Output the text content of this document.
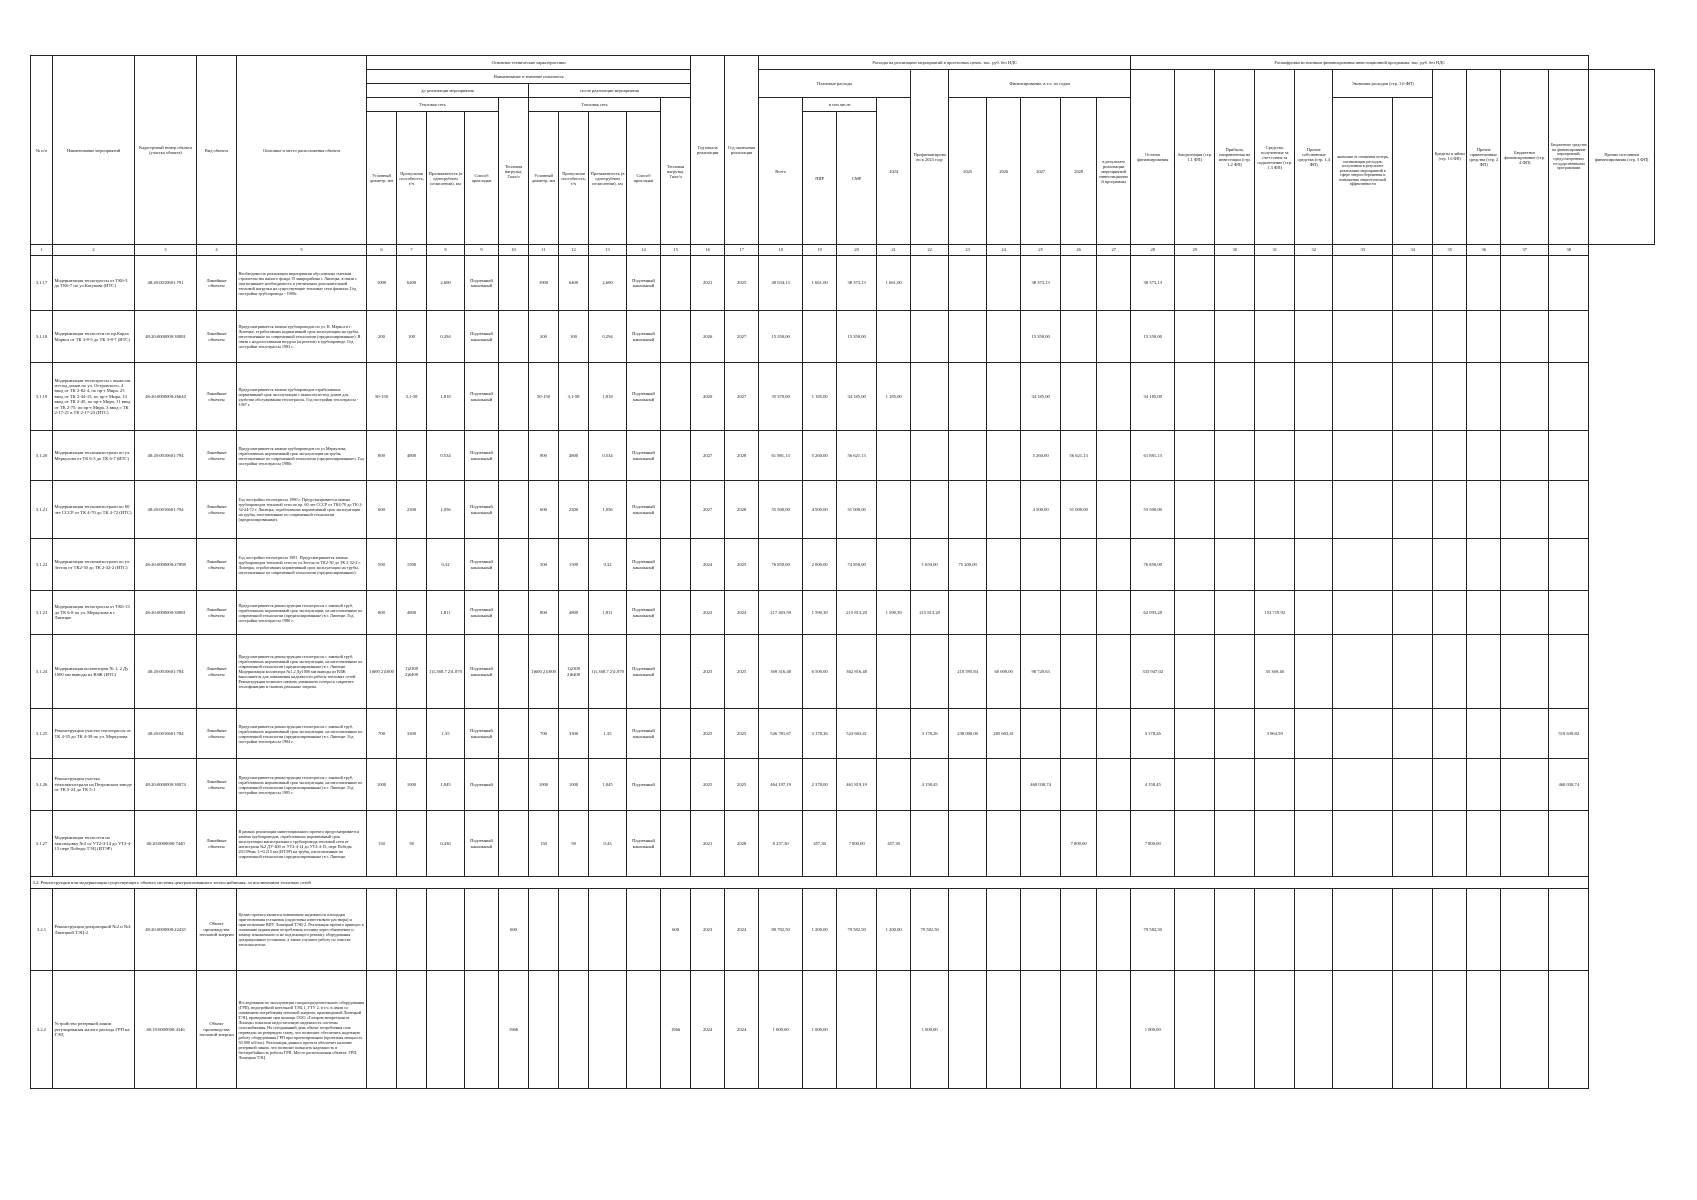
№ п/п	Наименование мероприятий	Кадастровый номер объекта (участка объекта)	Вид объекта	Описание и место расположения объекта	Основные технические характеристики										Год начала реализации	Год окончания реализации	Расходы на реализацию мероприятий в прогнозных ценах, тыс. руб. без НДС										Расшифровка источников финансирования инвестиционной программы, тыс. руб. без НДС											
					Наименование и значение показателя												Плановые расходы				Профинансировано к 2023 году	Финансирование, в т.ч. по годам					Остаток финансирования	Амортизация (стр. 1.1 ФП)	Прибыль, направленная на инвестиции (стр. 1.2 ФП)	Средства, полученные за счет платы за подключение (стр. 1.3 ФП)	Прочие собственные средства (стр. 1.4 ФП)	Экономия расходов (стр. 1.6 ФП)		Кредиты и займы (стр. 1.6 ФП)	Прочие привлеченные средства (стр. 2 ФП)	Бюджетное финансирование (стр. 4 ФП)	Бюджетные средства на финансирование мероприятий, предусмотренных государственными программами	Прочие источники финансирования (стр. 5 ФП)
					до реализации мероприятия					после реализации мероприятия																												
					Тепловая сеть				Тепловая нагрузка, Гкал/ч	Тепловая сеть				Тепловая нагрузка, Гкал/ч			Всего	в том числе		2024		2025	2026	2027	2028	в результате реализации мероприятий инвестиционной программы						экономия от снижения потерь, оптимизации расходов, полученная в результате реализации мероприятий в сфере энергосбережения и повышения энергетической эффективности						
					Условный диаметр, мм	Пропускная способность, т/ч	Протяженность (в однотрубном исчислении), км	Способ прокладки		Условный диаметр, мм	Пропускная способность, т/ч	Протяженность (в однотрубном исчислении), км	Способ прокладки					ПИР	СМР																			

1	2	3	4	5	6	7	8	9	10	11	12	13	14	15	16	17	18	19	20	21	22	23	24	25	26	27	28	29	30	31	32	33	34	35	36	37	38	
3.1.17	Модернизация теплотрассы от ТК6-5 до ТК6-7 по ул.Катукова (ИТС)	48:20:0010601:791	Линейные объекты	Необходимость реализации мероприятия обусловлена сметами строительства жилого фонда 15 микрорайона г. Липецка, в связи с чем возникает необходимость в увеличении дополнительной тепловой нагрузки на существующие тепловые сети филиала. Год постройки трубопровода - 1980г.	1000	6400	2,600	Подземный канальный		1000	6400	2,600	Подземный канальный		2021	2025	40 034,13	1 661,00	38 373,13	1 661,00				38 373,13			38 373,13											
3.1.18	Модернизация теплосети по пр.Карла Маркса от ТК 3-8-5 до ТК 3-8-7 (ИТС)	48:20:0000000:30081	Линейные объекты	Предусматривается замена трубопроводов по ул. К. Маркса в г. Липецке, отработавших нормативный срок эксплуатации на трубы, изготовленные по современной технологии (предизолированные). В связи с недопоставками воздуха (агрегатов) в трубопроводе. Год постройки теплотрассы 1983 г.	200	100	0,294	Подземный канальный		200	100	0,294	Подземный канальный		2026	2027	15 350,00		15 350,00					15 350,00			15 350,00											
3.1.19	Модернизация теплотрассы с выносом из-под домов по ул. Островского, 4 ввод от ТК 2-82-4, по пр-т Мира, 25 ввод от ТК 2-44-15, по пр-т Мира, 13 ввод от ТК 2-45, по пр-т Мира, 11 ввод от ТК 2-75, по пр-т Мира, 3 ввод с ТК 2-17-21 в ТК 2-17-23 (ИТС)	48:20:0000000:26644	Линейные объекты	Предусматривается замена трубопроводов отработавших нормативный срок эксплуатации с выносом из-под домов для удобства обслуживания теплотрассы. Год постройки теплотрассы - 1967 г.	50-150	3,1-58	1,818	Подземный канальный		50-150	3,1-58	1,818	Подземный канальный		2020	2027	35 370,00	1 185,00	34 185,00	1 185,00				34 185,00			34 185,00											
3.1.20	Модернизация тепломагистрали по ул. Меркулова от ТК 6-3 до ТК 6-7 (ИТС)	48:20:0010601:794	Линейные объекты	Предусматривается замена трубопроводов по ул.Меркулова, отработавших нормативный срок эксплуатации на трубы, изготовленные по современной технологии (предизолированные). Год постройки теплотрассы 1980г.	800	4800	0,534	Подземный канальный		800	4800	0,534	Подземный канальный		2027	2028	61 881,13	5 260,00	56 621,13					5 260,00	56 621,13		61 881,13											
3.1.21	Модернизация тепломагистрали по 60 лет СССР от ТК 4-70 до ТК 4-72 (ИТС)	48:20:0010601:794	Линейные объекты	Год постройки теплотрассы 1990 г. Предусматривается замена трубопроводов тепловой сети по пр. 60 лет СССР от ТК4-70 до ТК-2-32-24-72 г. Липецка, отработавших нормативный срок эксплуатации на трубы, изготовленные по современной технологии (предизолированные).	600	2300	1,056	Подземный канальный		600	2300	1,056	Подземный канальный		2027	2028	55 500,00	4 500,00	51 000,00					4 500,00	51 000,00		55 500,00											
3.1.22	Модернизация тепломагистрали по ул. Зегеля от ТК2-30 до ТК 2-32-2 (ИТС)	48:20:0000000:27898	Линейные объекты	Год постройки теплотрассы 1981. Предусматривается замена трубопроводов тепловой сети по ул.Зегеля от ТК2-30 до ТК 2-32-2 г. Липецка, отработавших нормативный срок эксплуатации на трубы, изготовленные по современной технологии (предизолированные).	500	1500	0,32	Подземный канальный		500	1500	0,32	Подземный канальный		2024	2025	76 850,00	2 000,00	74 850,00		1 650,00	75 200,00					76 850,00											
3.1.23	Модернизация теплотрассы от ТК6-13 до ТК 6-8 по ул. Меркулова в г. Липецке	48:20:0000000:30081	Линейные объекты	Предусматривается реконструкция теплотрассы с заменой труб, отработавших нормативный срок эксплуатации, на изготовленные по современной технологии (предизолированные) в г. Липецке. Год постройки теплотрассы 1980 г.	800	4800	1,811	Подземный канальный		800	4800	1,811	Подземный канальный		2022	2024	217 403,59	1 590,39	215 813,20	1 590,39	215 813,20						62 093,28			153 719,92								
3.1.24	Модернизация коллекторов № 1, 2 Ду 1000 мм выводы из ВЗЖ (ИТС)	48:20:0010601:784	Линейные объекты	Предусматривается реконструкция теплотрассы с заменой труб, отработавших нормативный срок эксплуатации, на изготовленные по современной технологии (предизолированные) в г. Липецке. Модернизация коллектора №1,2 Ду1000 мм выводы из ВЗЖ выполняется для повышения надежности работы тепловых сетей. Реконструкция позволит снизить уменьшить потери и сократить теплофикацию и снизить реальные затраты.	1)600 2)1000	1)2300 2)6400	1)1,368,7 2)1,870	Подземный канальный		1)600 2)1000	1)2300 2)6400	1)1,368,7 2)1,870	Подземный канальный		2025	2025	369 316,48	6 500,00	362 816,48			210 595,84	60 000,00	98 720,63			333 947,02			35 369,46								
3.1.25	Реконструкция участка теплотрассы от ТК 4-35 до ТК 4-39 по ул. Меркулова	48:20:0010601:784	Линейные объекты	Предусматривается реконструкция теплотрассы с заменой труб, отработавших нормативный срок эксплуатации, на изготовленные по современной технологии (предизолированные) в г. Липецке. Год постройки теплотрассы 1984 г.	700	3300	1,35	Подземный канальный		700	3300	1,35	Подземный канальный		2025	2025	526 781,67	3 178,26	523 603,41		3 178,26	238 000,00	285 603,41				3 178,26			3 964,59							519 638,82	
3.1.26	Реконструкция участка тепломагистрали на Петровском заводе от ТК 5-24 до ТК 5-1	48:20:0000000:30074	Линейные объекты	Предусматривается реконструкция теплотрассы с заменой труб, отработавших нормативный срок эксплуатации, на изготовленные по современной технологии (предизолированные) в г. Липецке. Год постройки теплотрассы 1985 г.	1000	1000	1,045	Подземный		1000	1000	1,045	Подземный		2025	2025	464 197,19	2 378,00	461 819,19		4 158,45			460 038,74			4 158,45										460 038,74	
3.1.27	Модернизация теплосети на закольцовку №2 от УТ2-4-14 до УТ2-4-15 пере Победы ТЭЦ (ИТЭР)	48:20:0000000:7440	Линейные объекты	В рамках реализации инвестиционного проекта предусматривается замена трубопроводов, отработавших нормативный срок эксплуатации магистрального трубопровода тепловой сети от магистрали №2 ДУ-400 от УТ2-4-14 до УТ2-4-15, пере Победы 20/159мм, L=0,215 км (ИТЭР) на трубы, изготовленные по современной технологии (предизолированные) в г. Липецке.	150	58	0,430	Подземный канальный		150	58	0,43	Подземный канальный		2021	2028	8 257,30	457,30	7 800,00	457,30					7 800,00		7 800,00											
3.2. Реконструкция или модернизация существующего объекта системы централизованного теплоснабжения, за исключением тепловых сетей																																						
3.2.1	Реконструкция деаэраторной №2 и №4 Липецкой ТЭЦ-2	48:20:0000000:22435	Объект производства тепловой энергии	Целью проекта является повышение надежности площадки приготовления установок (подготовка известкового раствора) и приготовление ВПУ Липецкой ТЭЦ-2. Реализация проекта приведет к снижению нормативов потребления топлива через обновление и замену изношенного и не подлежащего ремонту оборудования деаэрационных установок, а также улучшит работу по очистке теплоносителя.					600					600	2023	2024	80 782,50	1 200,00	79 582,50	1 200,00	79 582,50						79 582,50											
3.2.2	Устройство резервной линии регулирования малого расхода ГРП на ГЭЦ	48:19:0000000:4346	Объект производства тепловой энергии	Исследования по эксплуатации газораспределительного оборудования (ГРП), водогрейной котельной ТЭЦ 1, ГТУ 2, в т.ч. в связи со снижением потребления тепловой энергии, производимой Липецкой ТЭЦ, проведенные при помощи ООО «Газпром межрегионгаз Липецк» показали недостаточную надежность системы газоснабжения. На сегодняшний день объект потребления газа переведен на резервную схему, что позволяет обеспечить надежную работу оборудования ГРП при проектировании (проектная мощность 50 000 м3/час). Реализация данного проекта обеспечит наличие резервной линии, что позволит повысить надежность и бесперебойность работы ГРП. Место расположения объекта: ГРП, Липецкая ТЭЦ.					1966					1966	2024	2024	1 000,00	1 000,00			1 000,00						1 000,00											
